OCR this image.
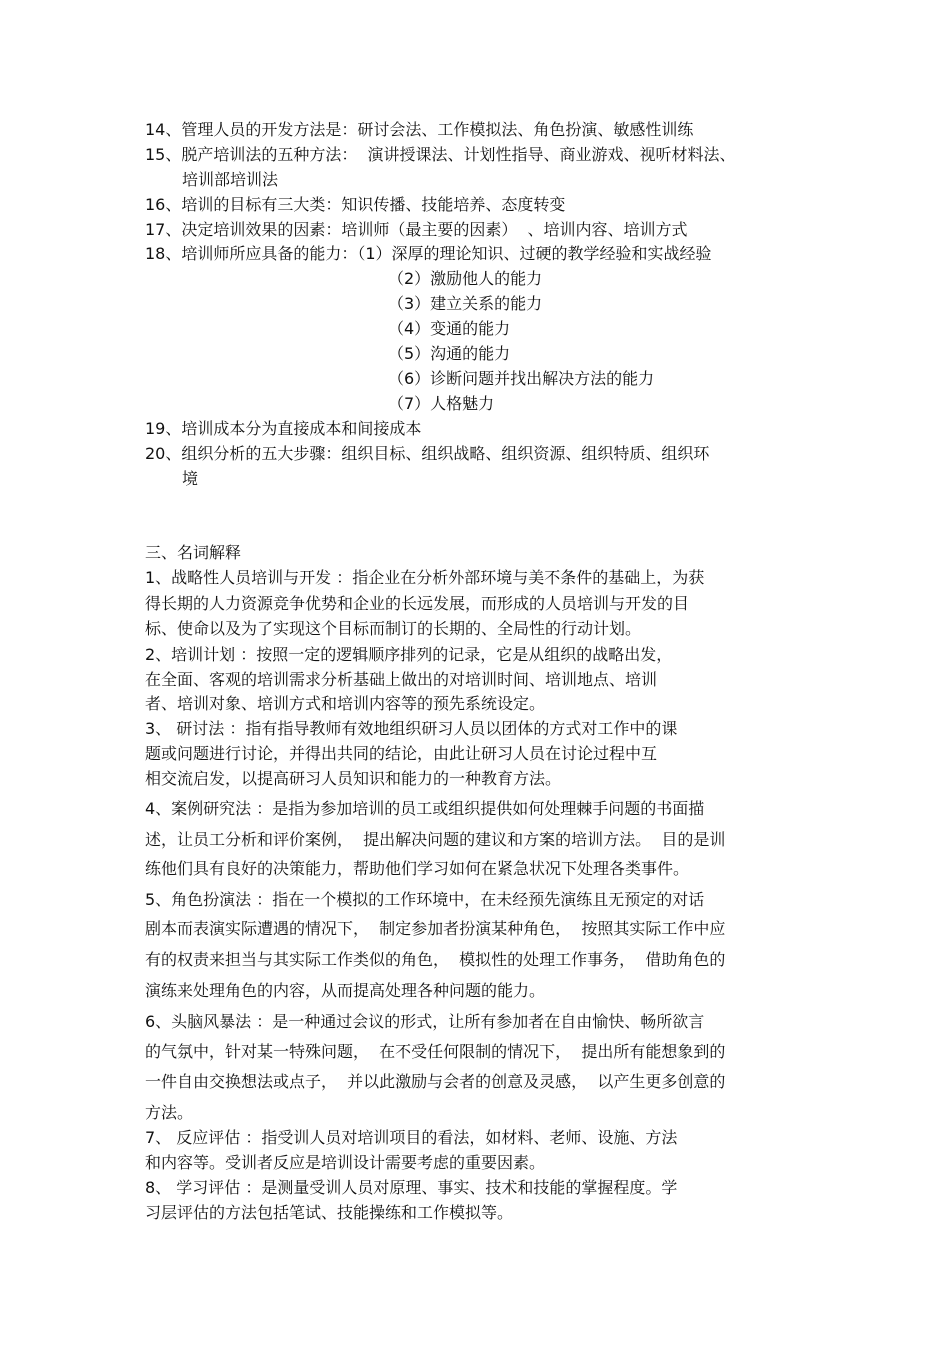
14、管理人员的开发方法是：研讨会法、工作模拟法、角色扮演、敏感性训练
15、脱产培训法的五种方法：  演讲授课法、计划性指导、商业游戏、视听材料法、
培训部培训法
16、培训的目标有三大类：知识传播、技能培养、态度转变
17、决定培训效果的因素：培训师（最主要的因素）  、培训内容、培训方式
18、培训师所应具备的能力：（1）深厚的理论知识、过硬的教学经验和实战经验
（2）激励他人的能力
（3）建立关系的能力
（4）变通的能力
（5）沟通的能力
（6）诊断问题并找出解决方法的能力
（7）人格魅力
19、培训成本分为直接成本和间接成本
20、组织分析的五大步骤：组织目标、组织战略、组织资源、组织特质、组织环
境
三、名词解释
1、战略性人员培训与开发 ：指企业在分析外部环境与美不条件的基础上，为获
得长期的人力资源竞争优势和企业的长远发展，而形成的人员培训与开发的目
标、使命以及为了实现这个目标而制订的长期的、全局性的行动计划。
2、培训计划 ：按照一定的逻辑顺序排列的记录，它是从组织的战略出发，
在全面、客观的培训需求分析基础上做出的对培训时间、培训地点、培训
者、培训对象、培训方式和培训内容等的预先系统设定。
3、 研讨法 ：指有指导教师有效地组织研习人员以团体的方式对工作中的课
题或问题进行讨论，并得出共同的结论，由此让研习人员在讨论过程中互
相交流启发，以提高研习人员知识和能力的一种教育方法。
4、案例研究法 ：是指为参加培训的员工或组织提供如何处理棘手问题的书面描
述，让员工分析和评价案例，  提出解决问题的建议和方案的培训方法。  目的是训
练他们具有良好的决策能力，帮助他们学习如何在紧急状况下处理各类事件。
5、角色扮演法 ：指在一个模拟的工作环境中，在未经预先演练且无预定的对话
剧本而表演实际遭遇的情况下，  制定参加者扮演某种角色，  按照其实际工作中应
有的权责来担当与其实际工作类似的角色，  模拟性的处理工作事务，  借助角色的
演练来处理角色的内容，从而提高处理各种问题的能力。
6、头脑风暴法 ：是一种通过会议的形式，让所有参加者在自由愉快、畅所欲言
的气氛中，针对某一特殊问题，  在不受任何限制的情况下，  提出所有能想象到的
一件自由交换想法或点子，  并以此激励与会者的创意及灵感，  以产生更多创意的
方法。
7、 反应评估 ：指受训人员对培训项目的看法，如材料、老师、设施、方法
和内容等。受训者反应是培训设计需要考虑的重要因素。
8、 学习评估 ：是测量受训人员对原理、事实、技术和技能的掌握程度。学
习层评估的方法包括笔试、技能操练和工作模拟等。
